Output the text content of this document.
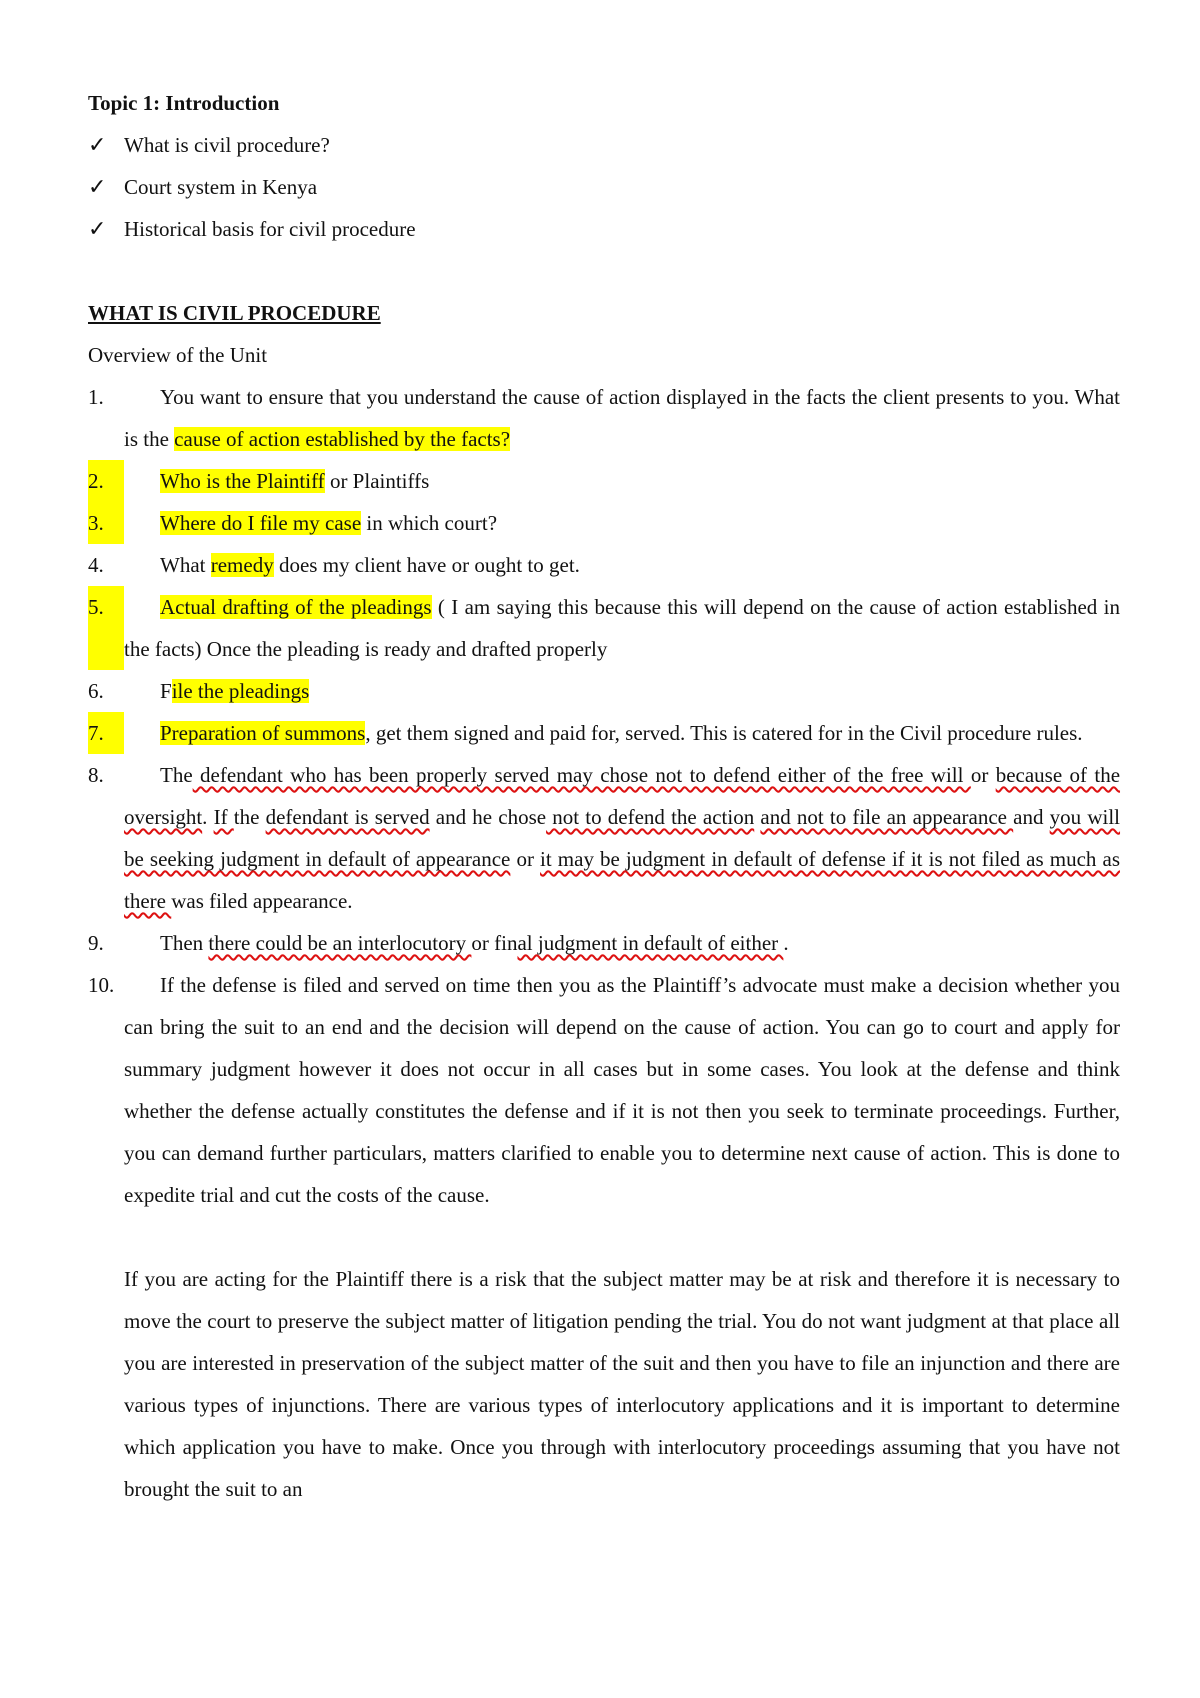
Topic 1: Introduction
✓ What is civil procedure?
✓ Court system in Kenya
✓ Historical basis for civil procedure
WHAT IS CIVIL PROCEDURE
Overview of the Unit
1.	You want to ensure that you understand the cause of action displayed in the facts the client presents to you. What is the cause of action established by the facts?
2.	Who is the Plaintiff or Plaintiffs
3.	Where do I file my case in which court?
4.	What remedy does my client have or ought to get.
5.	Actual drafting of the pleadings ( I am saying this because this will depend on the cause of action established in the facts) Once the pleading is ready and drafted properly
6.	File the pleadings
7.	Preparation of summons, get them signed and paid for, served. This is catered for in the Civil procedure rules.
8.	The defendant who has been properly served may chose not to defend either of the free will or because of the oversight. If the defendant is served and he chose not to defend the action and not to file an appearance and you will be seeking judgment in default of appearance or it may be judgment in default of defense if it is not filed as much as there was filed appearance.
9.	Then there could be an interlocutory or final judgment in default of either .
10.	If the defense is filed and served on time then you as the Plaintiff’s advocate must make a decision whether you can bring the suit to an end and the decision will depend on the cause of action. You can go to court and apply for summary judgment however it does not occur in all cases but in some cases. You look at the defense and think whether the defense actually constitutes the defense and if it is not then you seek to terminate proceedings. Further, you can demand further particulars, matters clarified to enable you to determine next cause of action. This is done to expedite trial and cut the costs of the cause.
If you are acting for the Plaintiff there is a risk that the subject matter may be at risk and therefore it is necessary to move the court to preserve the subject matter of litigation pending the trial. You do not want judgment at that place all you are interested in preservation of the subject matter of the suit and then you have to file an injunction and there are various types of injunctions. There are various types of interlocutory applications and it is important to determine which application you have to make. Once you through with interlocutory proceedings assuming that you have not brought the suit to an
